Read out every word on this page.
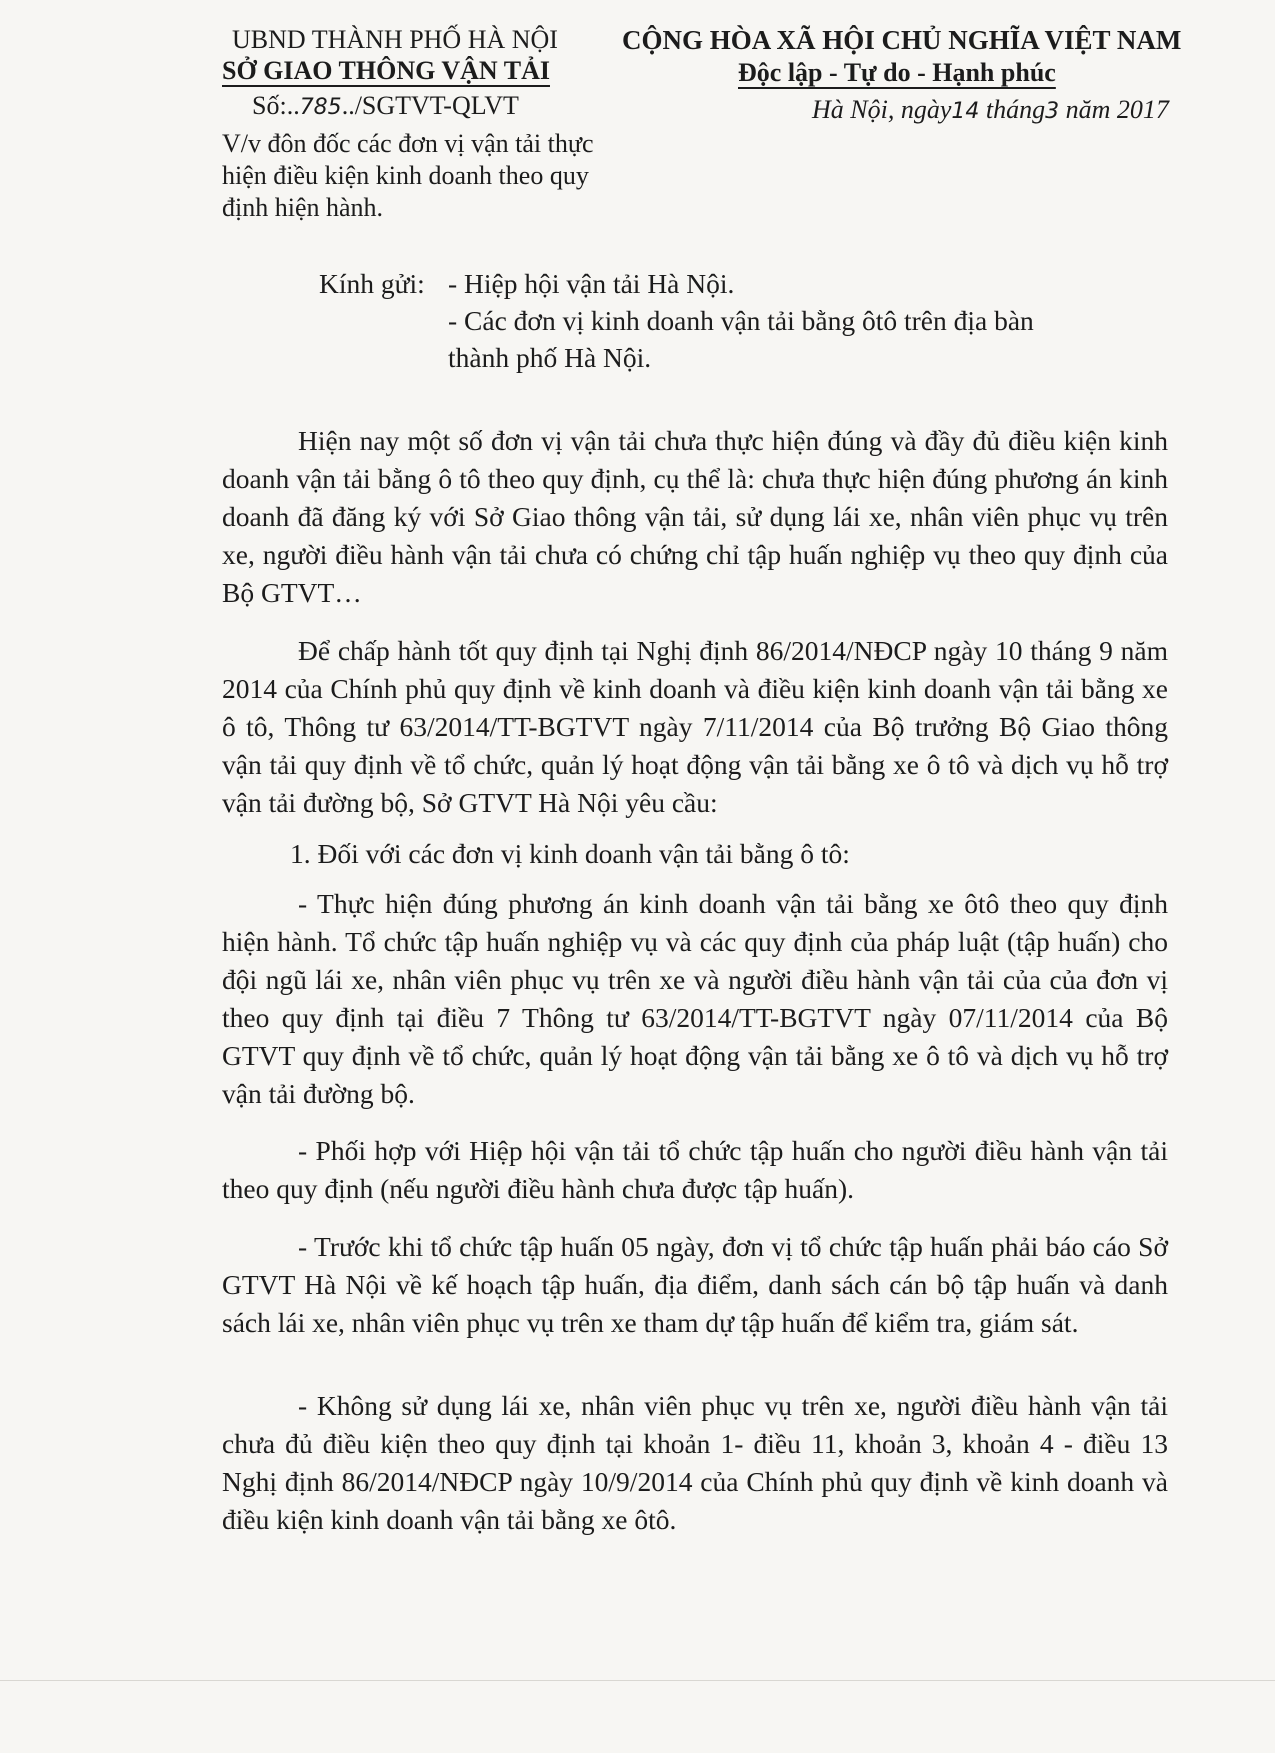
UBND THÀNH PHỐ HÀ NỘI
SỞ GIAO THÔNG VẬN TẢI
Số:..785../SGTVT-QLVT
V/v đôn đốc các đơn vị vận tải thực
hiện điều kiện kinh doanh theo quy
định hiện hành.
CỘNG HÒA XÃ HỘI CHỦ NGHĨA VIỆT NAM
Độc lập - Tự do - Hạnh phúc
Hà Nội, ngày14 tháng3 năm 2017
Kính gửi: - Hiệp hội vận tải Hà Nội.
- Các đơn vị kinh doanh vận tải bằng ôtô trên địa bàn
thành phố Hà Nội.
Hiện nay một số đơn vị vận tải chưa thực hiện đúng và đầy đủ điều kiện kinh doanh vận tải bằng ô tô theo quy định, cụ thể là: chưa thực hiện đúng phương án kinh doanh đã đăng ký với Sở Giao thông vận tải, sử dụng lái xe, nhân viên phục vụ trên xe, người điều hành vận tải chưa có chứng chỉ tập huấn nghiệp vụ theo quy định của Bộ GTVT…
Để chấp hành tốt quy định tại Nghị định 86/2014/NĐCP ngày 10 tháng 9 năm 2014 của Chính phủ quy định về kinh doanh và điều kiện kinh doanh vận tải bằng xe ô tô, Thông tư 63/2014/TT-BGTVT ngày 7/11/2014 của Bộ trưởng Bộ Giao thông vận tải quy định về tổ chức, quản lý hoạt động vận tải bằng xe ô tô và dịch vụ hỗ trợ vận tải đường bộ, Sở GTVT Hà Nội yêu cầu:
1. Đối với các đơn vị kinh doanh vận tải bằng ô tô:
- Thực hiện đúng phương án kinh doanh vận tải bằng xe ôtô theo quy định hiện hành. Tổ chức tập huấn nghiệp vụ và các quy định của pháp luật (tập huấn) cho đội ngũ lái xe, nhân viên phục vụ trên xe và người điều hành vận tải của của đơn vị theo quy định tại điều 7 Thông tư 63/2014/TT-BGTVT ngày 07/11/2014 của Bộ GTVT quy định về tổ chức, quản lý hoạt động vận tải bằng xe ô tô và dịch vụ hỗ trợ vận tải đường bộ.
- Phối hợp với Hiệp hội vận tải tổ chức tập huấn cho người điều hành vận tải theo quy định (nếu người điều hành chưa được tập huấn).
- Trước khi tổ chức tập huấn 05 ngày, đơn vị tổ chức tập huấn phải báo cáo Sở GTVT Hà Nội về kế hoạch tập huấn, địa điểm, danh sách cán bộ tập huấn và danh sách lái xe, nhân viên phục vụ trên xe tham dự tập huấn để kiểm tra, giám sát.
- Không sử dụng lái xe, nhân viên phục vụ trên xe, người điều hành vận tải chưa đủ điều kiện theo quy định tại khoản 1- điều 11, khoản 3, khoản 4 - điều 13 Nghị định 86/2014/NĐCP ngày 10/9/2014 của Chính phủ quy định về kinh doanh và điều kiện kinh doanh vận tải bằng xe ôtô.
